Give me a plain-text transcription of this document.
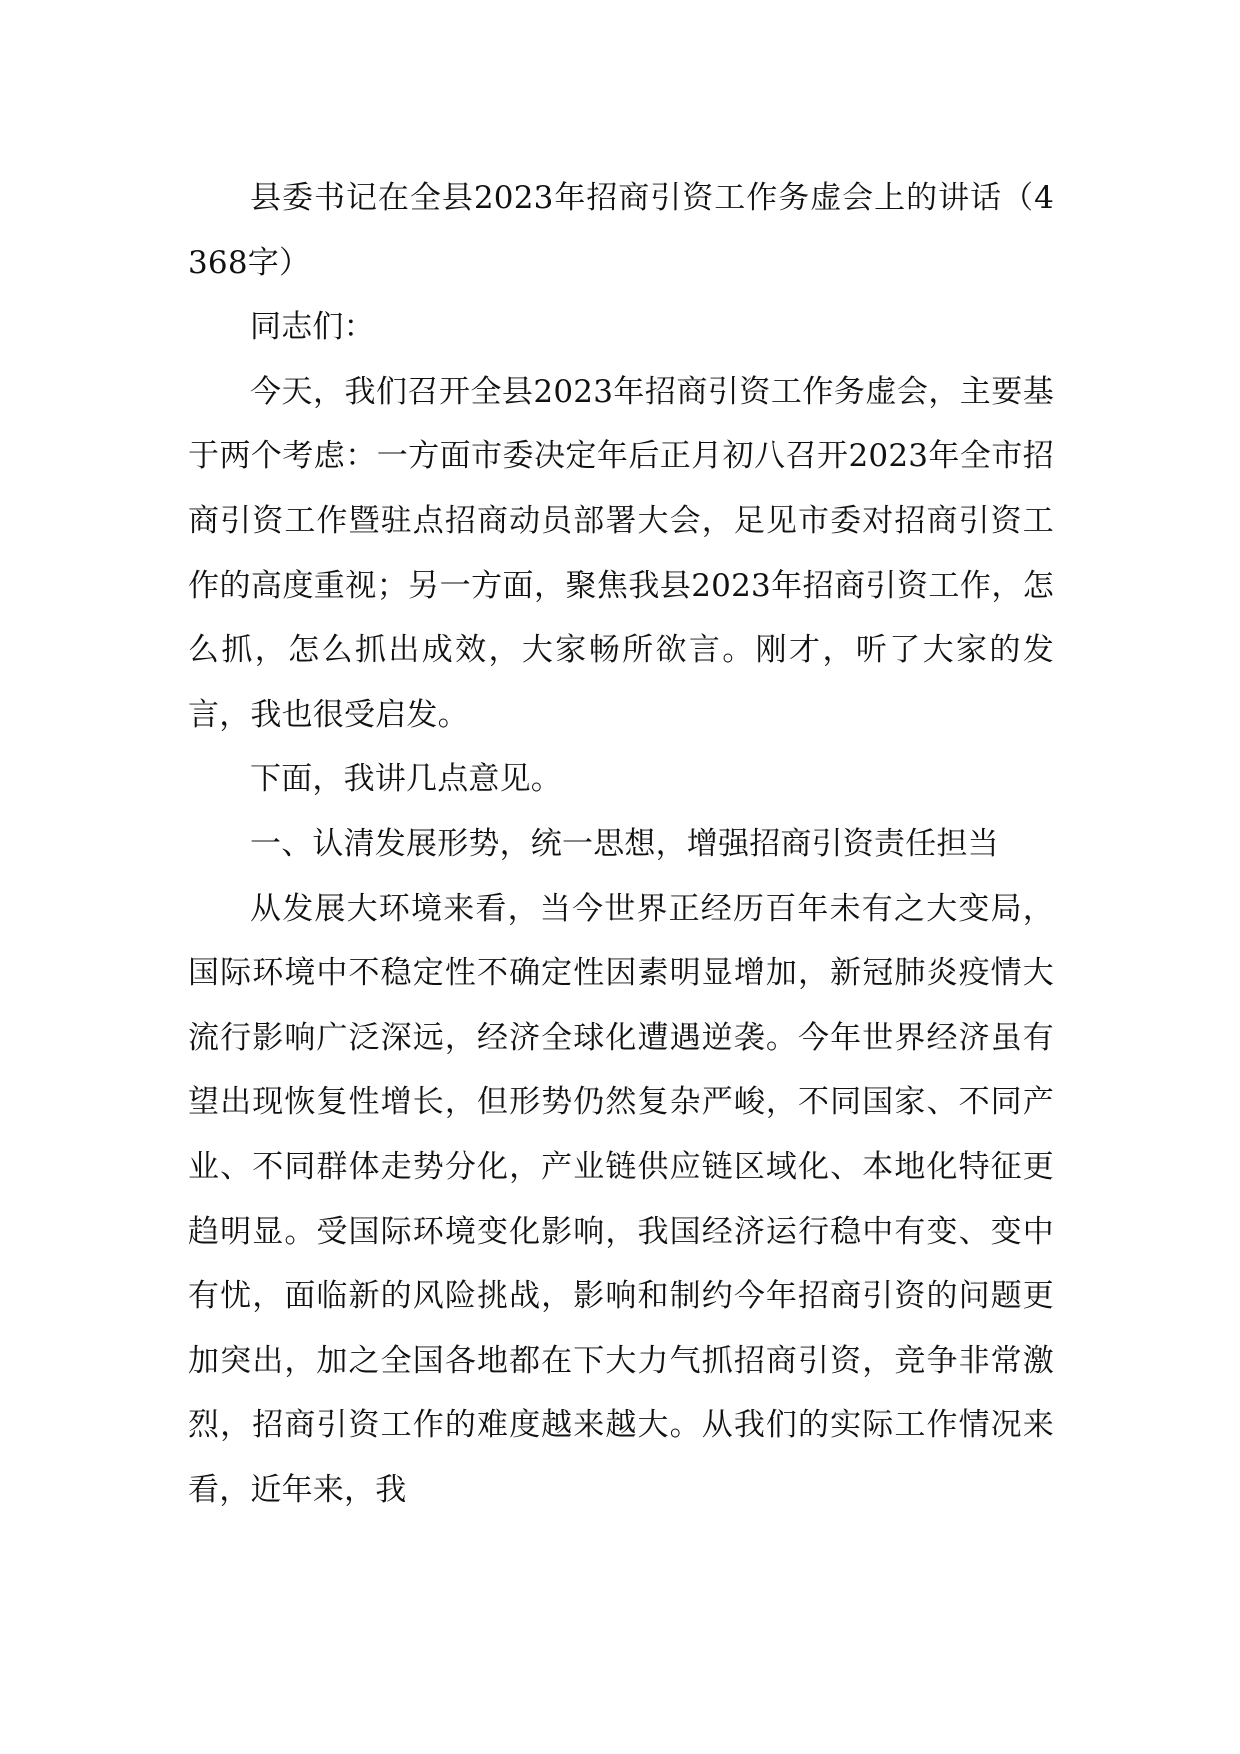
县委书记在全县2023年招商引资工作务虚会上的讲话（4368字）

同志们：

今天，我们召开全县2023年招商引资工作务虚会，主要基于两个考虑：一方面市委决定年后正月初八召开2023年全市招商引资工作暨驻点招商动员部署大会，足见市委对招商引资工作的高度重视；另一方面，聚焦我县2023年招商引资工作，怎么抓，怎么抓出成效，大家畅所欲言。刚才，听了大家的发言，我也很受启发。

下面，我讲几点意见。

一、认清发展形势，统一思想，增强招商引资责任担当

从发展大环境来看，当今世界正经历百年未有之大变局，国际环境中不稳定性不确定性因素明显增加，新冠肺炎疫情大流行影响广泛深远，经济全球化遭遇逆袭。今年世界经济虽有望出现恢复性增长，但形势仍然复杂严峻，不同国家、不同产业、不同群体走势分化，产业链供应链区域化、本地化特征更趋明显。受国际环境变化影响，我国经济运行稳中有变、变中有忧，面临新的风险挑战，影响和制约今年招商引资的问题更加突出，加之全国各地都在下大力气抓招商引资，竞争非常激烈，招商引资工作的难度越来越大。从我们的实际工作情况来看，近年来，我
